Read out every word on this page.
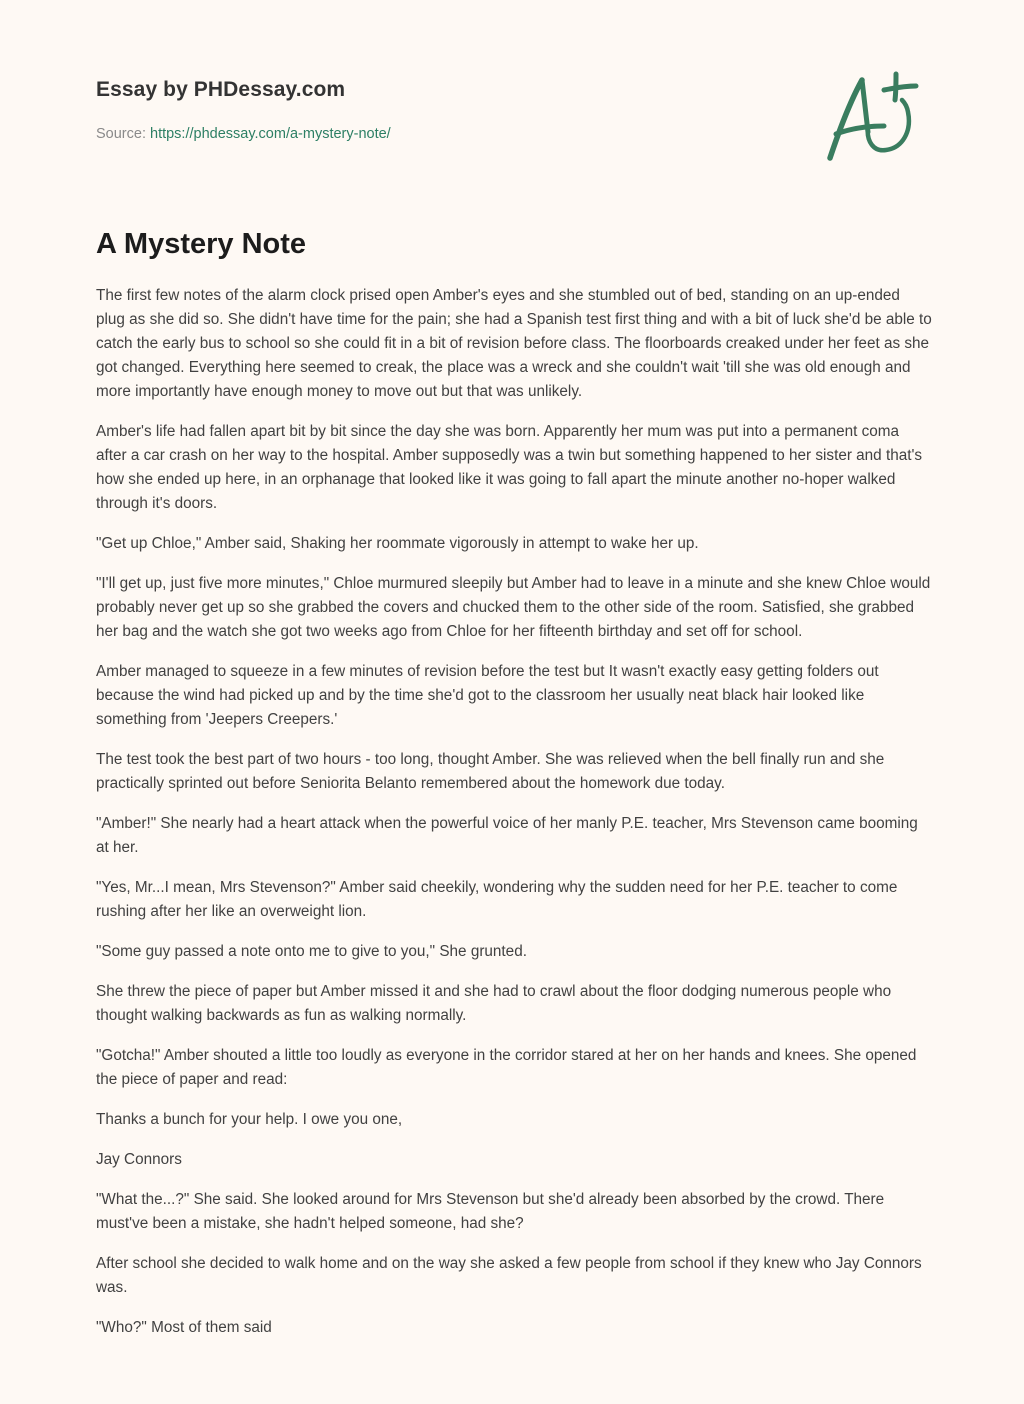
Essay by PHDessay.com
Source: https://phdessay.com/a-mystery-note/
A Mystery Note

The first few notes of the alarm clock prised open Amber's eyes and she stumbled out of bed, standing on an up-ended plug as she did so. She didn't have time for the pain; she had a Spanish test first thing and with a bit of luck she'd be able to catch the early bus to school so she could fit in a bit of revision before class. The floorboards creaked under her feet as she got changed. Everything here seemed to creak, the place was a wreck and she couldn't wait 'till she was old enough and more importantly have enough money to move out but that was unlikely.

Amber's life had fallen apart bit by bit since the day she was born. Apparently her mum was put into a permanent coma after a car crash on her way to the hospital. Amber supposedly was a twin but something happened to her sister and that's how she ended up here, in an orphanage that looked like it was going to fall apart the minute another no-hoper walked through it's doors.

"Get up Chloe," Amber said, Shaking her roommate vigorously in attempt to wake her up.

"I'll get up, just five more minutes," Chloe murmured sleepily but Amber had to leave in a minute and she knew Chloe would probably never get up so she grabbed the covers and chucked them to the other side of the room. Satisfied, she grabbed her bag and the watch she got two weeks ago from Chloe for her fifteenth birthday and set off for school.

Amber managed to squeeze in a few minutes of revision before the test but It wasn't exactly easy getting folders out because the wind had picked up and by the time she'd got to the classroom her usually neat black hair looked like something from 'Jeepers Creepers.'

The test took the best part of two hours - too long, thought Amber. She was relieved when the bell finally run and she practically sprinted out before Seniorita Belanto remembered about the homework due today.

"Amber!" She nearly had a heart attack when the powerful voice of her manly P.E. teacher, Mrs Stevenson came booming at her.

"Yes, Mr...I mean, Mrs Stevenson?" Amber said cheekily, wondering why the sudden need for her P.E. teacher to come rushing after her like an overweight lion.

"Some guy passed a note onto me to give to you," She grunted.

She threw the piece of paper but Amber missed it and she had to crawl about the floor dodging numerous people who thought walking backwards as fun as walking normally.

"Gotcha!" Amber shouted a little too loudly as everyone in the corridor stared at her on her hands and knees. She opened the piece of paper and read:

Thanks a bunch for your help. I owe you one,

Jay Connors

"What the...?" She said. She looked around for Mrs Stevenson but she'd already been absorbed by the crowd. There must've been a mistake, she hadn't helped someone, had she?

After school she decided to walk home and on the way she asked a few people from school if they knew who Jay Connors was.

"Who?" Most of them said
